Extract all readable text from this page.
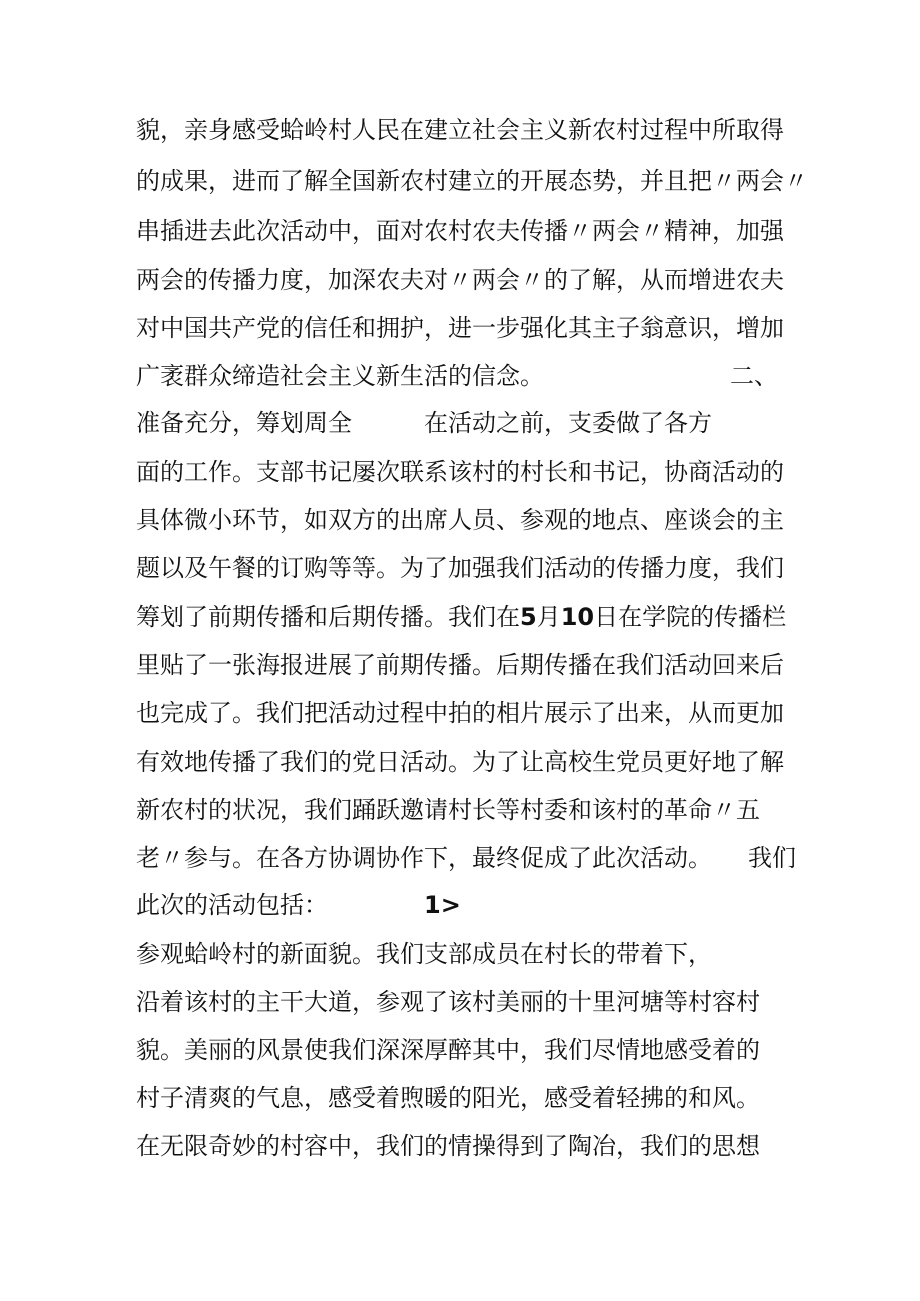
貌，亲身感受蛤岭村人民在建立社会主义新农村过程中所取得

的成果，进而了解全国新农村建立的开展态势，并且把〃两会〃

串插进去此次活动中，面对农村农夫传播〃两会〃精神，加强

两会的传播力度，加深农夫对〃两会〃的了解，从而增进农夫

对中国共产党的信任和拥护，进一步强化其主子翁意识，增加

广袤群众缔造社会主义新生活的信念。	二、

准备充分，筹划周全	在活动之前，支委做了各方

面的工作。支部书记屡次联系该村的村长和书记，协商活动的

具体微小环节，如双方的出席人员、参观的地点、座谈会的主

题以及午餐的订购等等。为了加强我们活动的传播力度，我们

筹划了前期传播和后期传播。我们在5月10日在学院的传播栏

里贴了一张海报进展了前期传播。后期传播在我们活动回来后

也完成了。我们把活动过程中拍的相片展示了出来，从而更加

有效地传播了我们的党日活动。为了让高校生党员更好地了解

新农村的状况，我们踊跃邀请村长等村委和该村的革命〃五

老〃参与。在各方协调协作下，最终促成了此次活动。 我们

此次的活动包括：	1>

参观蛤岭村的新面貌。我们支部成员在村长的带着下，

沿着该村的主干大道，参观了该村美丽的十里河塘等村容村

貌。美丽的风景使我们深深厚醉其中，我们尽情地感受着的

村子清爽的气息，感受着煦暖的阳光，感受着轻拂的和风。

在无限奇妙的村容中，我们的情操得到了陶冶，我们的思想
